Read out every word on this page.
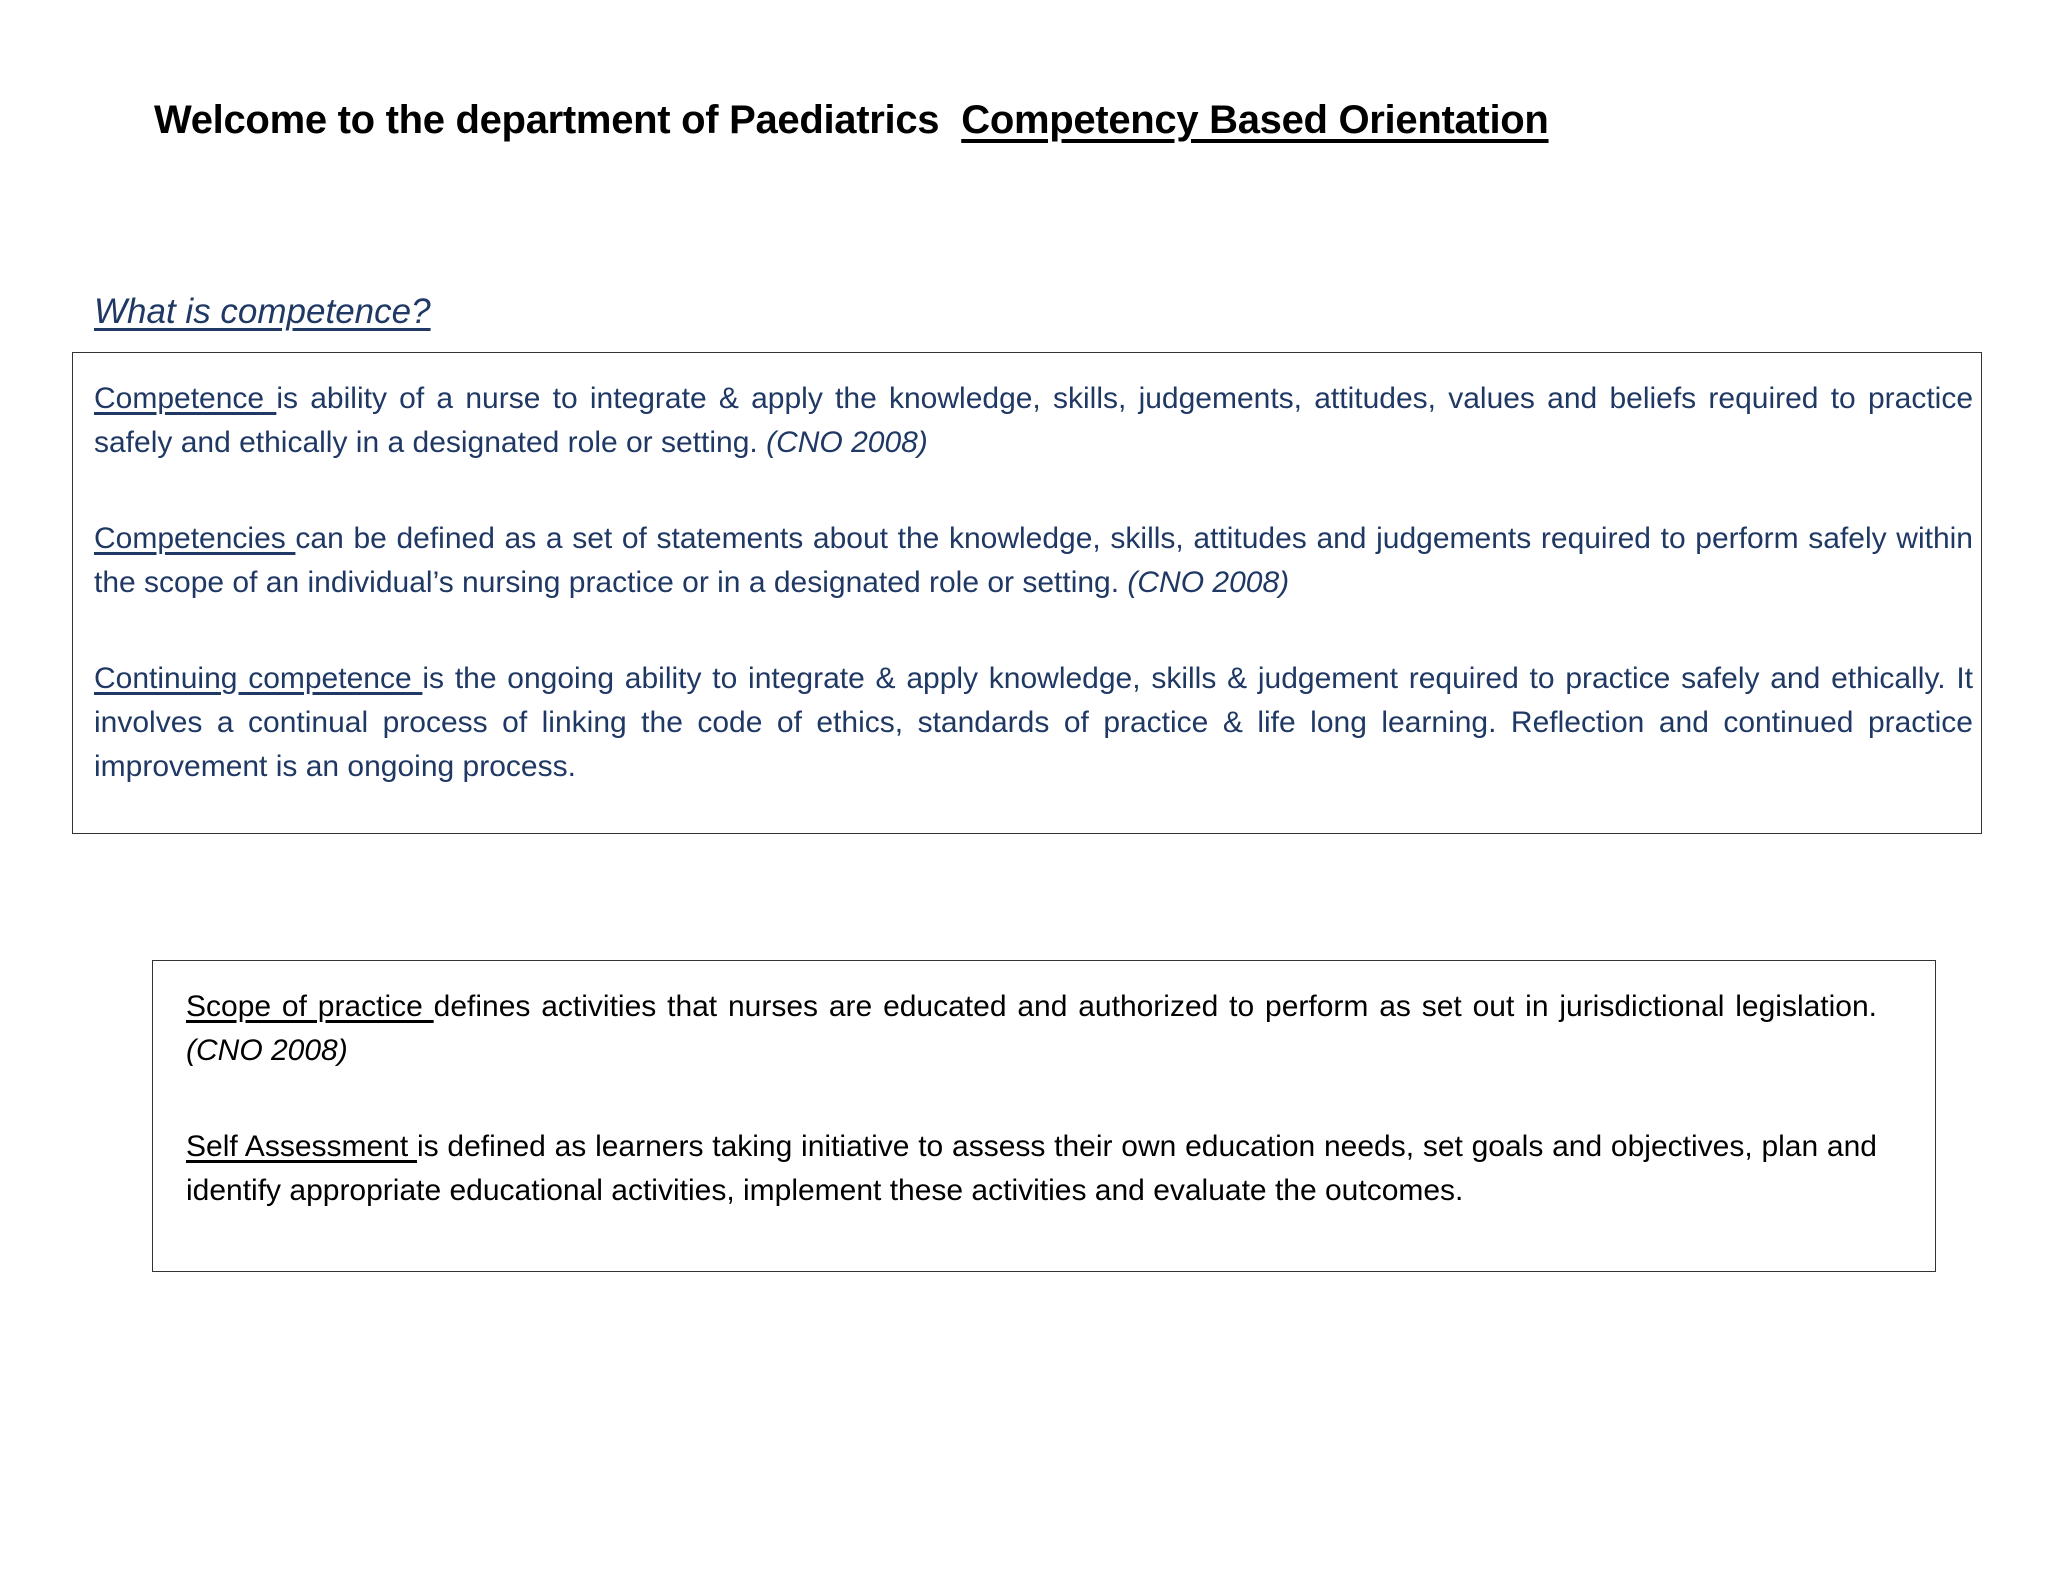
Welcome to the department of Paediatrics Competency Based Orientation
What is competence?

Competence is ability of a nurse to integrate & apply the knowledge, skills, judgements, attitudes, values and beliefs required to practice safely and ethically in a designated role or setting. (CNO 2008)

Competencies can be defined as a set of statements about the knowledge, skills, attitudes and judgements required to perform safely within the scope of an individual’s nursing practice or in a designated role or setting. (CNO 2008)

Continuing competence is the ongoing ability to integrate & apply knowledge, skills & judgement required to practice safely and ethically. It involves a continual process of linking the code of ethics, standards of practice & life long learning. Reflection and continued practice improvement is an ongoing process.

Scope of practice defines activities that nurses are educated and authorized to perform as set out in jurisdictional legislation. (CNO 2008)

Self Assessment is defined as learners taking initiative to assess their own education needs, set goals and objectives, plan and identify appropriate educational activities, implement these activities and evaluate the outcomes.
